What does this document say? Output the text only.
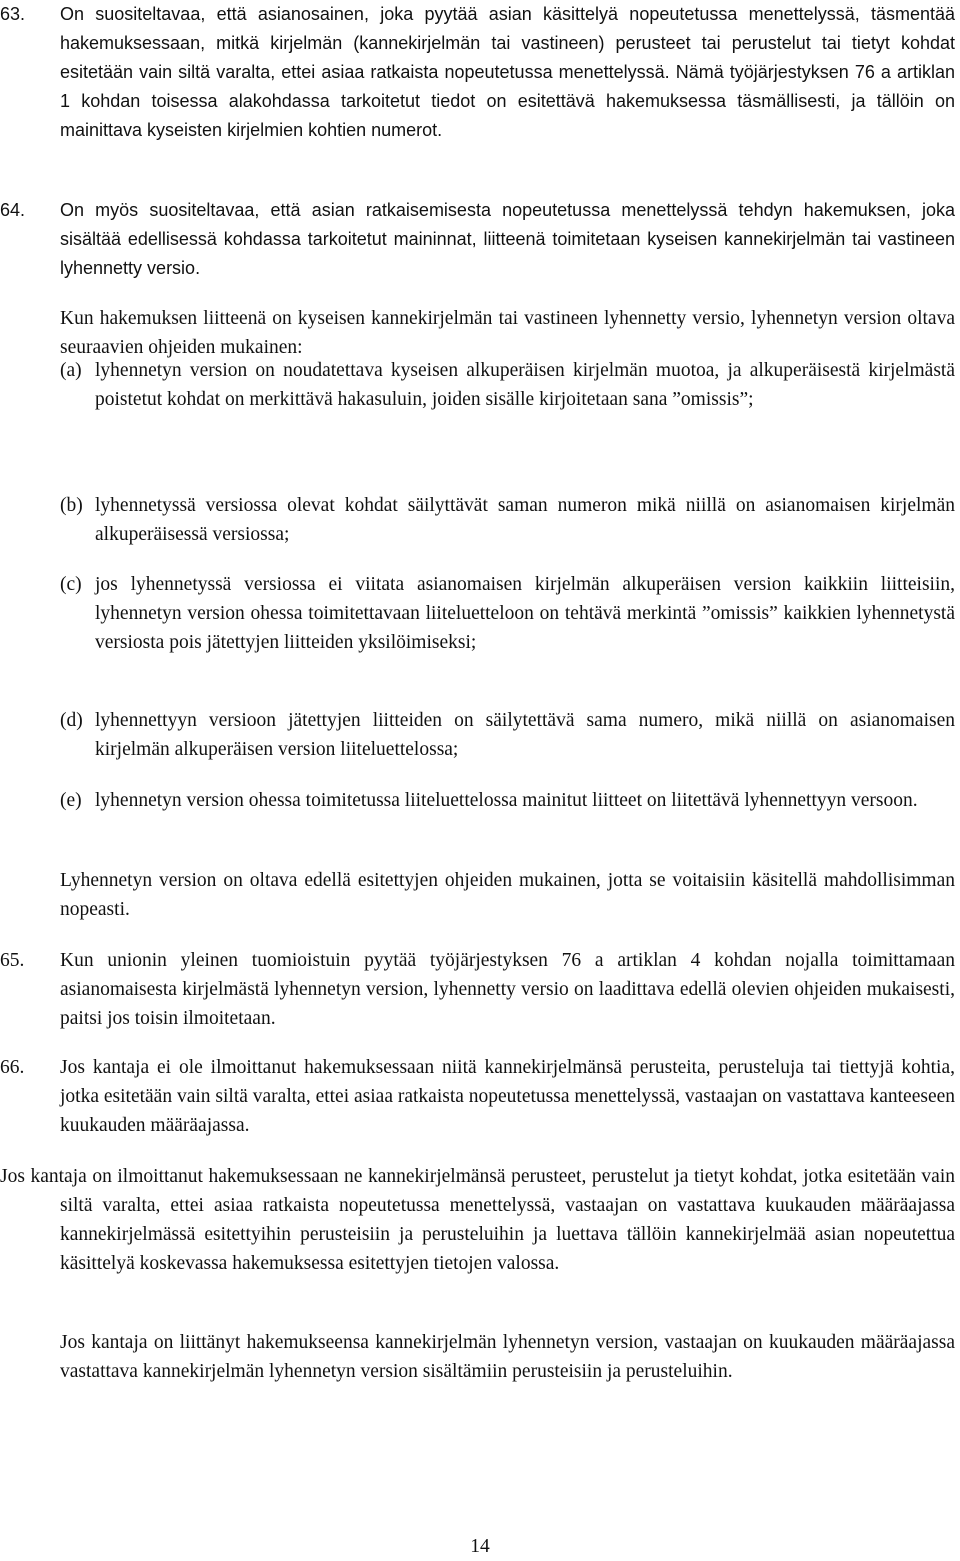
63. On suositeltavaa, että asianosainen, joka pyytää asian käsittelyä nopeutetussa menettelyssä, täsmentää hakemuksessaan, mitkä kirjelmän (kannekirjelmän tai vastineen) perusteet tai perustelut tai tietyt kohdat esitetään vain siltä varalta, ettei asiaa ratkaista nopeutetussa menettelyssä. Nämä työjärjestyksen 76 a artiklan 1 kohdan toisessa alakohdassa tarkoitetut tiedot on esitettävä hakemuksessa täsmällisesti, ja tällöin on mainittava kyseisten kirjelmien kohtien numerot.
64. On myös suositeltavaa, että asian ratkaisemisesta nopeutetussa menettelyssä tehdyn hakemuksen, joka sisältää edellisessä kohdassa tarkoitetut maininnat, liitteenä toimitetaan kyseisen kannekirjelmän tai vastineen lyhennetty versio.
Kun hakemuksen liitteenä on kyseisen kannekirjelmän tai vastineen lyhennetty versio, lyhennetyn version oltava seuraavien ohjeiden mukainen:
(a) lyhennetyn version on noudatettava kyseisen alkuperäisen kirjelmän muotoa, ja alkuperäisestä kirjelmästä poistetut kohdat on merkittävä hakasuluin, joiden sisälle kirjoitetaan sana ”omissis”;
(b) lyhennetyssä versiossa olevat kohdat säilyttävät saman numeron mikä niillä on asianomaisen kirjelmän alkuperäisessä versiossa;
(c) jos lyhennetyssä versiossa ei viitata asianomaisen kirjelmän alkuperäisen version kaikkiin liitteisiin, lyhennetyn version ohessa toimitettavaan liiteluetteloon on tehtävä merkintä ”omissis” kaikkien lyhennetystä versiosta pois jätettyjen liitteiden yksilöimiseksi;
(d) lyhennettyyn versioon jätettyjen liitteiden on säilytettävä sama numero, mikä niillä on asianomaisen kirjelmän alkuperäisen version liiteluettelossa;
(e) lyhennetyn version ohessa toimitetussa liiteluettelossa mainitut liitteet on liitettävä lyhennettyyn versoon.
Lyhennetyn version on oltava edellä esitettyjen ohjeiden mukainen, jotta se voitaisiin käsitellä mahdollisimman nopeasti.
65. Kun unionin yleinen tuomioistuin pyytää työjärjestyksen 76 a artiklan 4 kohdan nojalla toimittamaan asianomaisesta kirjelmästä lyhennetyn version, lyhennetty versio on laadittava edellä olevien ohjeiden mukaisesti, paitsi jos toisin ilmoitetaan.
66. Jos kantaja ei ole ilmoittanut hakemuksessaan niitä kannekirjelmänsä perusteita, perusteluja tai tiettyjä kohtia, jotka esitetään vain siltä varalta, ettei asiaa ratkaista nopeutetussa menettelyssä, vastaajan on vastattava kanteeseen kuukauden määräajassa.
Jos kantaja on ilmoittanut hakemuksessaan ne kannekirjelmänsä perusteet, perustelut ja tietyt kohdat, jotka esitetään vain siltä varalta, ettei asiaa ratkaista nopeutetussa menettelyssä, vastaajan on vastattava kuukauden määräajassa kannekirjelmässä esitettyihin perusteisiin ja perusteluihin ja luettava tällöin kannekirjelmää asian nopeutettua käsittelyä koskevassa hakemuksessa esitettyjen tietojen valossa.
Jos kantaja on liittänyt hakemukseensa kannekirjelmän lyhennetyn version, vastaajan on kuukauden määräajassa vastattava kannekirjelmän lyhennetyn version sisältämiin perusteisiin ja perusteluihin.
14
